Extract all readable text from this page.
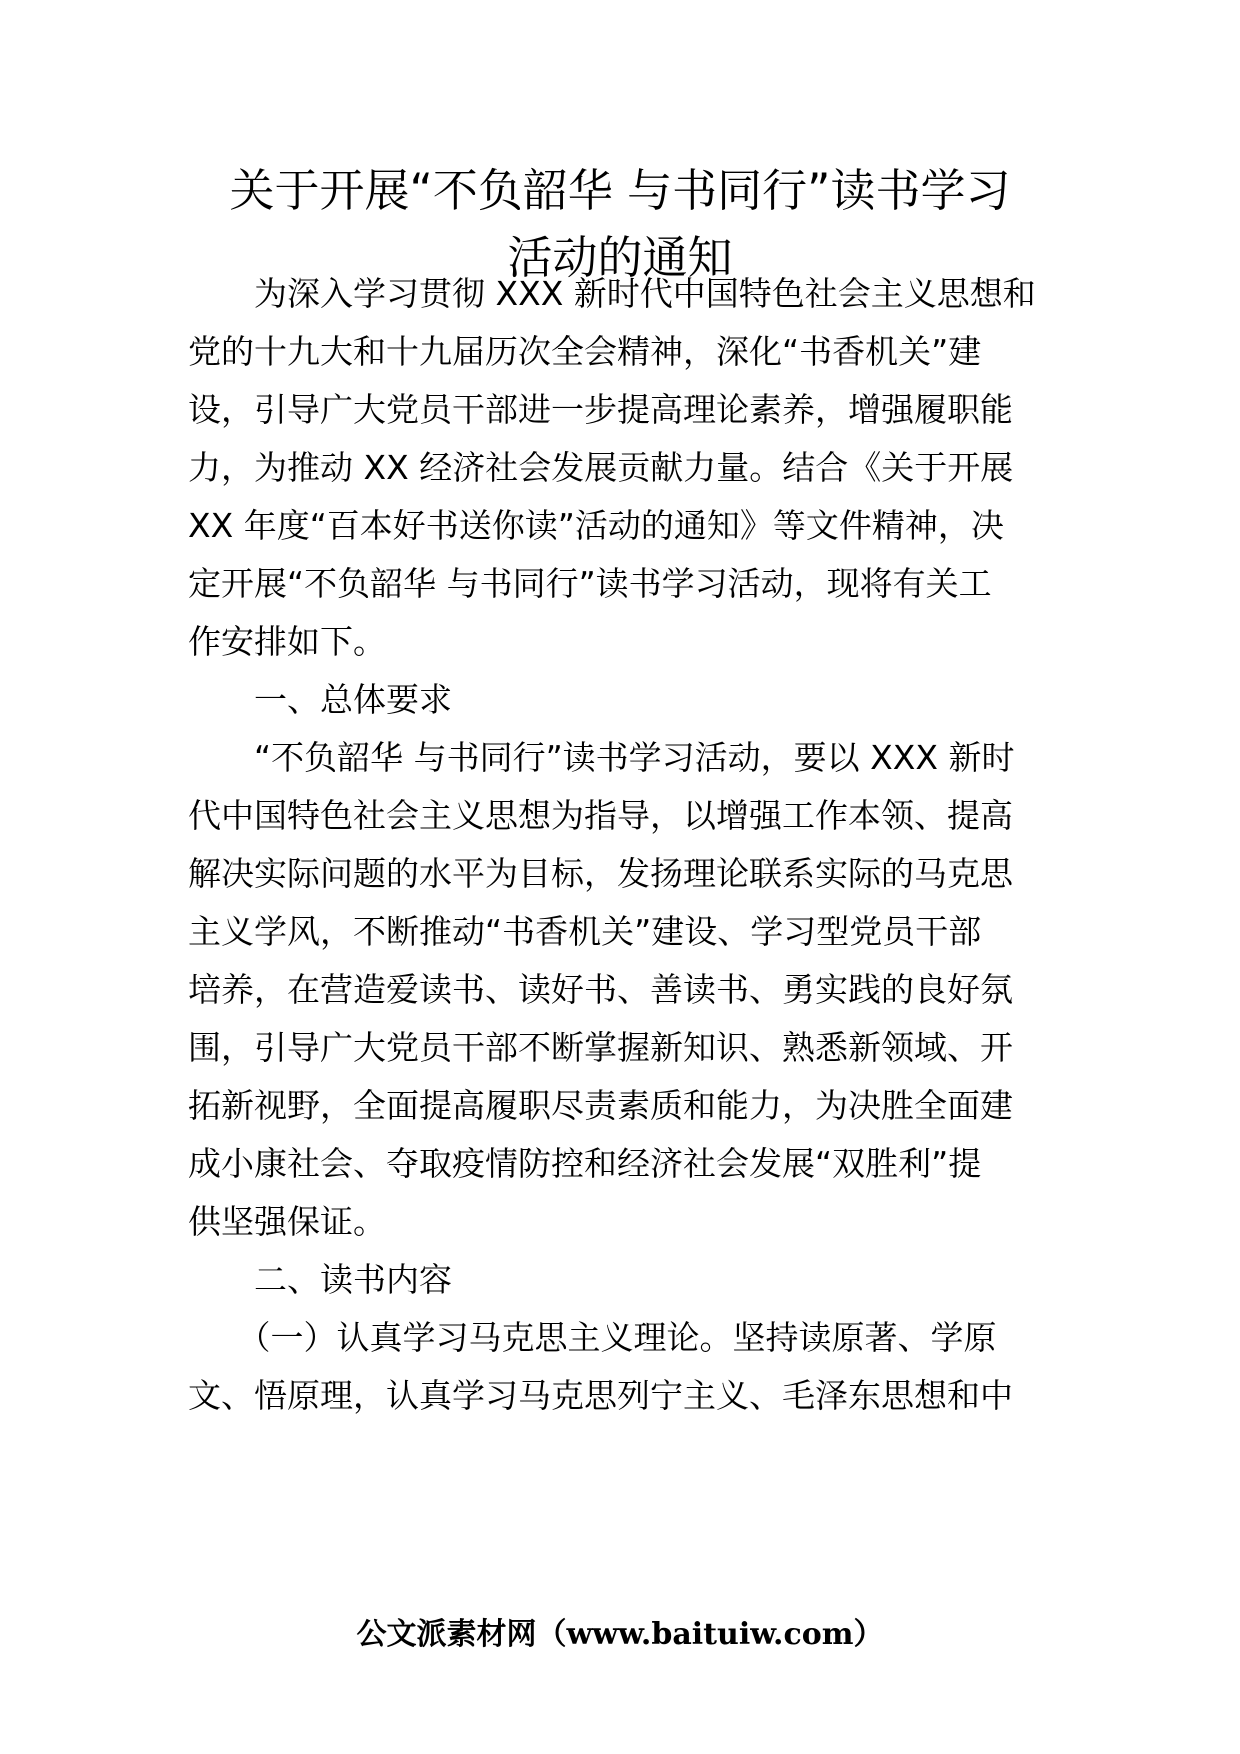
关于开展“不负韶华 与书同行”读书学习
活动的通知
　　为深入学习贯彻 XXX 新时代中国特色社会主义思想和
党的十九大和十九届历次全会精神，深化“书香机关”建
设，引导广大党员干部进一步提高理论素养，增强履职能
力，为推动 XX 经济社会发展贡献力量。结合《关于开展
XX 年度“百本好书送你读”活动的通知》等文件精神，决
定开展“不负韶华 与书同行”读书学习活动，现将有关工
作安排如下。
　　一、总体要求
　　“不负韶华 与书同行”读书学习活动，要以 XXX 新时
代中国特色社会主义思想为指导，以增强工作本领、提高
解决实际问题的水平为目标，发扬理论联系实际的马克思
主义学风，不断推动“书香机关”建设、学习型党员干部
培养，在营造爱读书、读好书、善读书、勇实践的良好氛
围，引导广大党员干部不断掌握新知识、熟悉新领域、开
拓新视野，全面提高履职尽责素质和能力，为决胜全面建
成小康社会、夺取疫情防控和经济社会发展“双胜利”提
供坚强保证。
　　二、读书内容
　　（一）认真学习马克思主义理论。坚持读原著、学原
文、悟原理，认真学习马克思列宁主义、毛泽东思想和中
公文派素材网（www.baituiw.com）
